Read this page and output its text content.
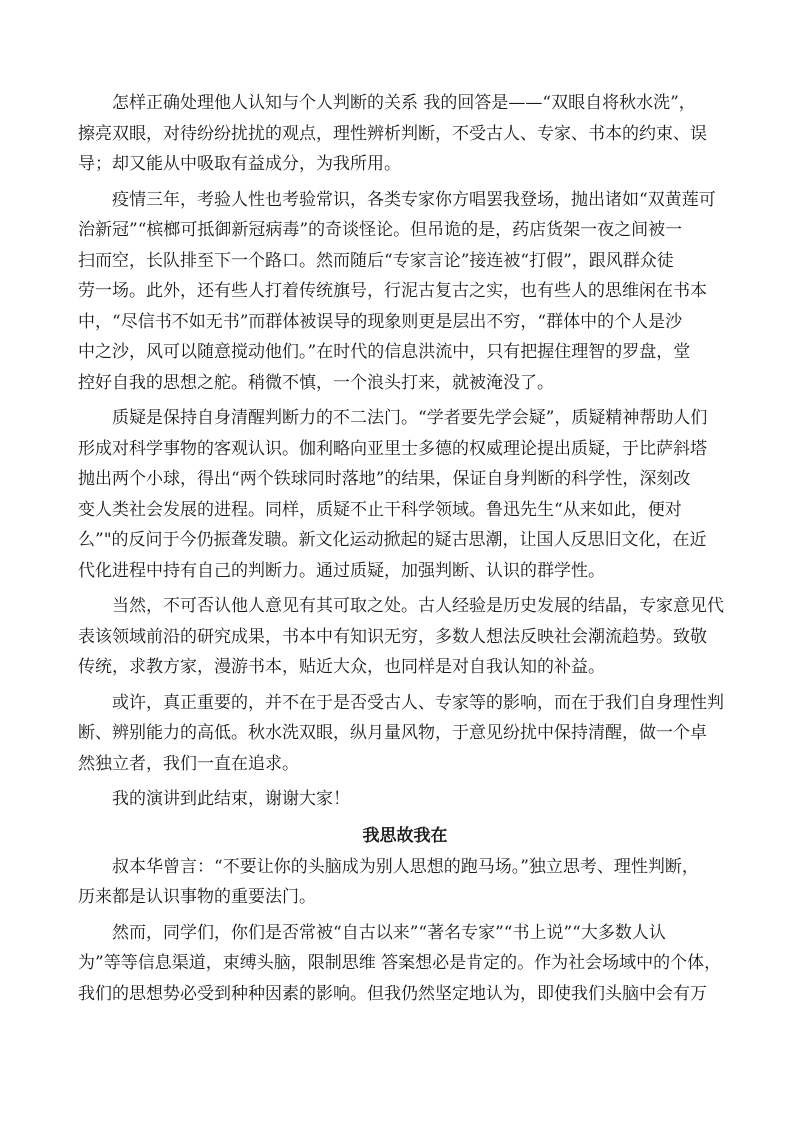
怎样正确处理他人认知与个人判断的关系 我的回答是——“双眼自将秋水洗”，
擦亮双眼，对待纷纷扰扰的观点，理性辨析判断，不受古人、专家、书本的约束、误
导；却又能从中吸取有益成分，为我所用。
疫情三年，考验人性也考验常识，各类专家你方唱罢我登场，抛出诸如“双黄莲可
治新冠”“槟榔可抵御新冠病毒”的奇谈怪论。但吊诡的是，药店货架一夜之间被一
扫而空，长队排至下一个路口。然而随后“专家言论”接连被“打假”，跟风群众徒
劳一场。此外，还有些人打着传统旗号，行泥古复古之实，也有些人的思维闲在书本
中，“尽信书不如无书”而群体被误导的现象则更是层出不穷，“群体中的个人是沙
中之沙，风可以随意搅动他们。”在时代的信息洪流中，只有把握住理智的罗盘，堂
控好自我的思想之舵。稍微不慎，一个浪头打来，就被淹没了。
质疑是保持自身清醒判断力的不二法门。“学者要先学会疑”，质疑精神帮助人们
形成对科学事物的客观认识。伽利略向亚里士多德的权威理论提出质疑，于比萨斜塔
抛出两个小球，得出“两个铁球同时落地”的结果，保证自身判断的科学性，深刻改
变人类社会发展的进程。同样，质疑不止干科学领域。鲁迅先生“从来如此，便对
么”"的反问于今仍振聋发聩。新文化运动掀起的疑古思潮，让国人反思旧文化，在近
代化进程中持有自己的判断力。通过质疑，加强判断、认识的群学性。
当然，不可否认他人意见有其可取之处。古人经验是历史发展的结晶，专家意见代
表该领域前沿的研究成果，书本中有知识无穷，多数人想法反映社会潮流趋势。致敬
传统，求教方家，漫游书本，贴近大众，也同样是对自我认知的补益。
或许，真正重要的，并不在于是否受古人、专家等的影响，而在于我们自身理性判
断、辨别能力的高低。秋水洗双眼，纵月量风物，于意见纷扰中保持清醒，做一个卓
然独立者，我们一直在追求。
我的演讲到此结束，谢谢大家！
我思故我在
叔本华曾言：“不要让你的头脑成为别人思想的跑马场。”独立思考、理性判断，
历来都是认识事物的重要法门。
然而，同学们，你们是否常被“自古以来”“著名专家”“书上说”“大多数人认
为”等等信息渠道，束缚头脑，限制思维 答案想必是肯定的。作为社会场域中的个体，
我们的思想势必受到种种因素的影响。但我仍然坚定地认为，即使我们头脑中会有万
